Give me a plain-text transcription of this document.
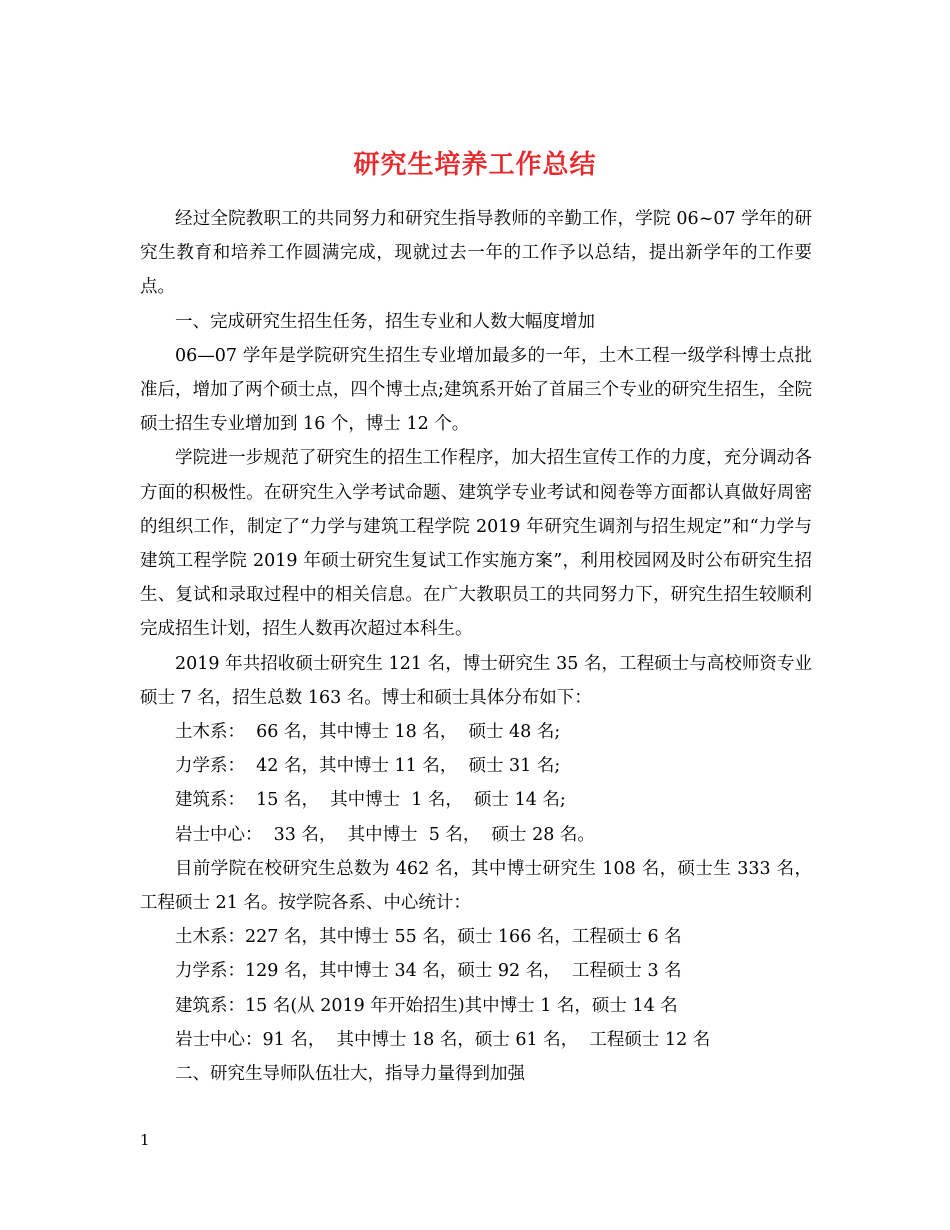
研究生培养工作总结

经过全院教职工的共同努力和研究生指导教师的辛勤工作，学院 06~07 学年的研究生教育和培养工作圆满完成，现就过去一年的工作予以总结，提出新学年的工作要点。

一、完成研究生招生任务，招生专业和人数大幅度增加

06—07 学年是学院研究生招生专业增加最多的一年，土木工程一级学科博士点批准后，增加了两个硕士点，四个博士点;建筑系开始了首届三个专业的研究生招生，全院硕士招生专业增加到 16 个，博士 12 个。

学院进一步规范了研究生的招生工作程序，加大招生宣传工作的力度，充分调动各方面的积极性。在研究生入学考试命题、建筑学专业考试和阅卷等方面都认真做好周密的组织工作，制定了“力学与建筑工程学院 2019 年研究生调剂与招生规定”和“力学与建筑工程学院 2019 年硕士研究生复试工作实施方案”，利用校园网及时公布研究生招生、复试和录取过程中的相关信息。在广大教职员工的共同努力下，研究生招生较顺利完成招生计划，招生人数再次超过本科生。

2019 年共招收硕士研究生 121 名，博士研究生 35 名，工程硕士与高校师资专业硕士 7 名，招生总数 163 名。博士和硕士具体分布如下：

土木系：  66 名，其中博士 18 名，  硕士 48 名;

力学系：  42 名，其中博士 11 名，  硕士 31 名;

建筑系：  15 名，  其中博士  1 名，  硕士 14 名;

岩士中心：  33 名，  其中博士  5 名，  硕士 28 名。

目前学院在校研究生总数为 462 名，其中博士研究生 108 名，硕士生 333 名，工程硕士 21 名。按学院各系、中心统计：

土木系：227 名，其中博士 55 名，硕士 166 名，工程硕士 6 名

力学系：129 名，其中博士 34 名，硕士 92 名，  工程硕士 3 名

建筑系：15 名(从 2019 年开始招生)其中博士 1 名，硕士 14 名

岩士中心：91 名，  其中博士 18 名，硕士 61 名，  工程硕士 12 名

二、研究生导师队伍壮大，指导力量得到加强

1
